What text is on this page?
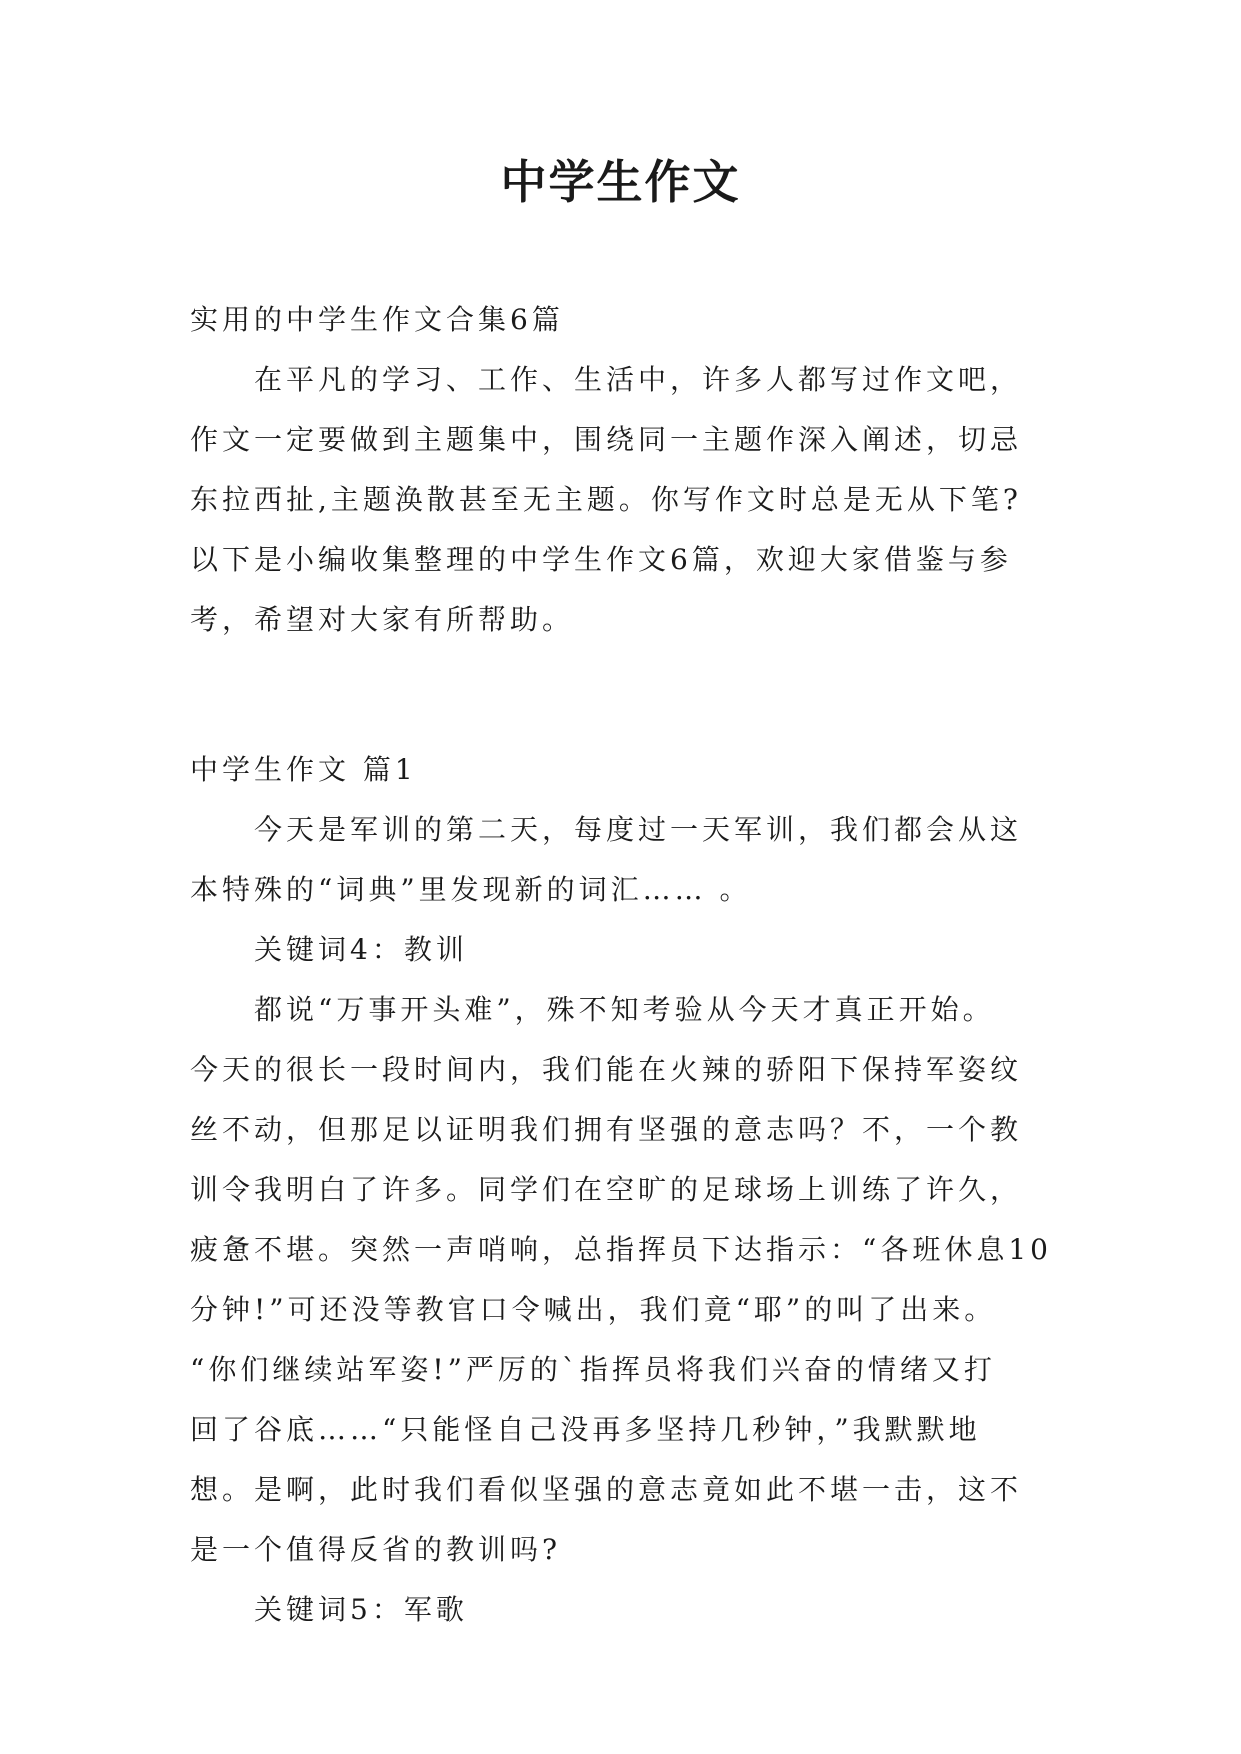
中学生作文
实用的中学生作文合集6篇
在平凡的学习、工作、生活中，许多人都写过作文吧，
作文一定要做到主题集中，围绕同一主题作深入阐述，切忌
东拉西扯,主题涣散甚至无主题。你写作文时总是无从下笔?
以下是小编收集整理的中学生作文6篇，欢迎大家借鉴与参
考，希望对大家有所帮助。
中学生作文 篇1
今天是军训的第二天，每度过一天军训，我们都会从这
本特殊的“词典”里发现新的词汇…… 。
关键词4：教训
都说“万事开头难”，殊不知考验从今天才真正开始。
今天的很长一段时间内，我们能在火辣的骄阳下保持军姿纹
丝不动，但那足以证明我们拥有坚强的意志吗？不，一个教
训令我明白了许多。同学们在空旷的足球场上训练了许久，
疲惫不堪。突然一声哨响，总指挥员下达指示：“各班休息10
分钟!”可还没等教官口令喊出，我们竟“耶”的叫了出来。
“你们继续站军姿!”严厉的`指挥员将我们兴奋的情绪又打
回了谷底……“只能怪自己没再多坚持几秒钟，”我默默地
想。是啊，此时我们看似坚强的意志竟如此不堪一击，这不
是一个值得反省的教训吗?
关键词5：军歌
